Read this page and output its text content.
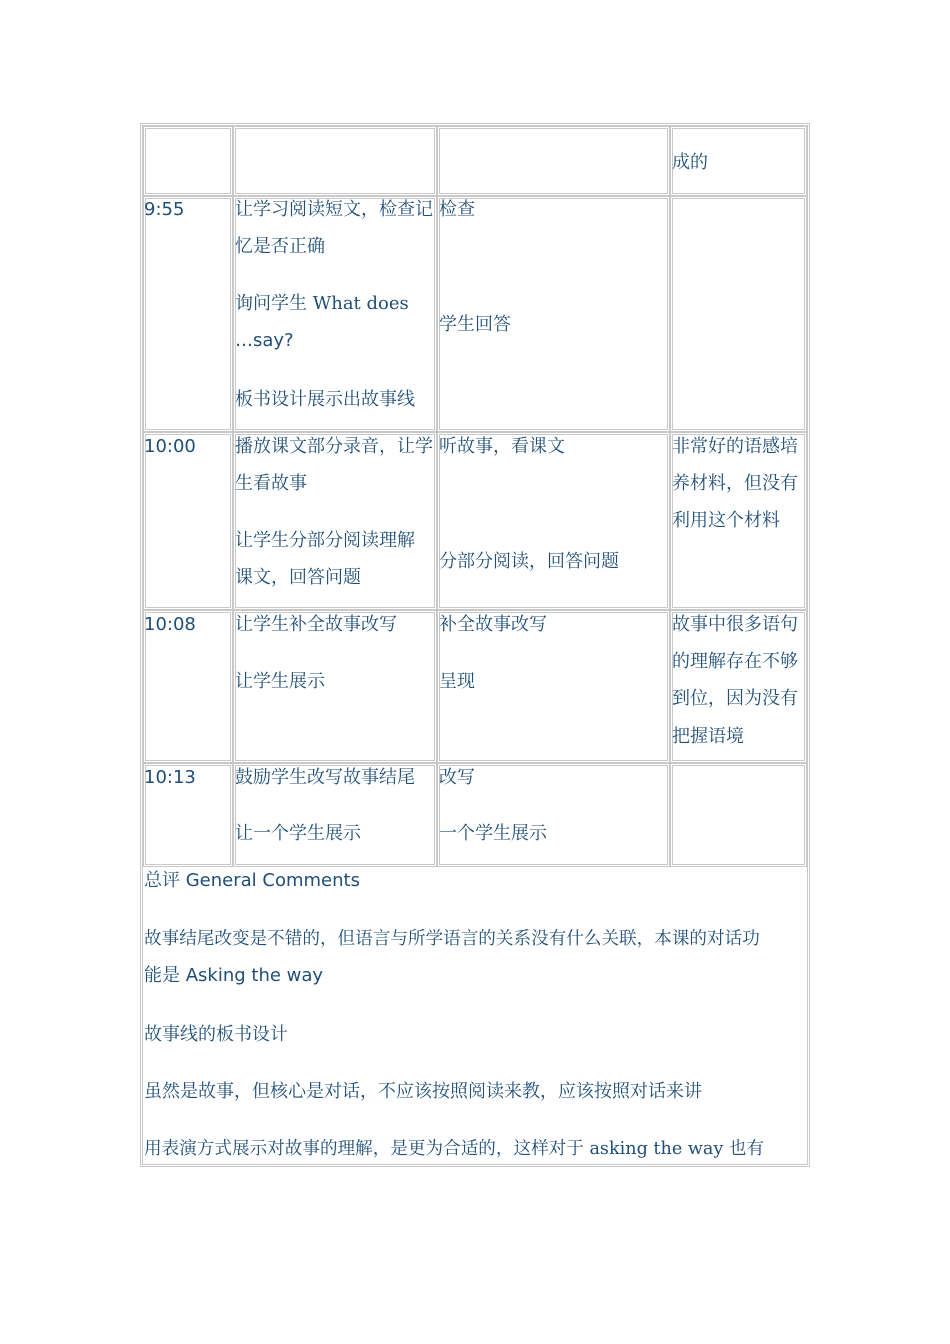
成的
9:55	让学习阅读短文，检查记
忆是否正确
询问学生 What does
…say?
板书设计展示出故事线
检查
学生回答
10:00 播放课文部分录音，让学
生看故事
让学生分部分阅读理解
课文，回答问题
听故事，看课文
分部分阅读，回答问题
非常好的语感培
养材料，但没有
利用这个材料
10:08 让学生补全故事改写
让学生展示
补全故事改写
呈现
故事中很多语句
的理解存在不够
到位，因为没有
把握语境
10:13 鼓励学生改写故事结尾
让一个学生展示
改写
一个学生展示
总评 General Comments
故事结尾改变是不错的，但语言与所学语言的关系没有什么关联，本课的对话功
能是 Asking the way
故事线的板书设计
虽然是故事，但核心是对话，不应该按照阅读来教，应该按照对话来讲
用表演方式展示对故事的理解，是更为合适的，这样对于 asking the way 也有
